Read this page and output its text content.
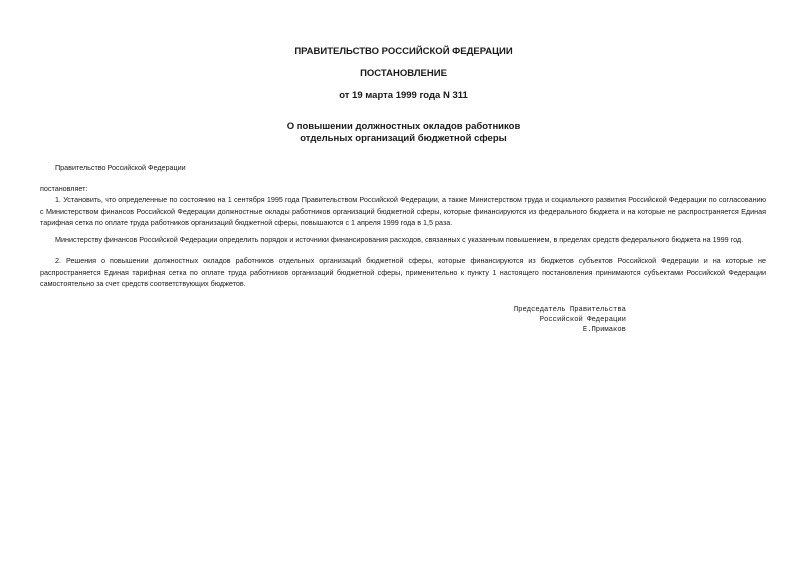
ПРАВИТЕЛЬСТВО РОССИЙСКОЙ ФЕДЕРАЦИИ
ПОСТАНОВЛЕНИЕ
от 19 марта 1999 года N 311
О повышении должностных окладов работников
отдельных организаций бюджетной сферы
Правительство Российской Федерации
постановляет:
1. Установить, что определенные по состоянию на 1 сентября 1995 года Правительством Российской Федерации, а также Министерством труда и социального развития Российской Федерации по согласованию с Министерством финансов Российской Федерации должностные оклады работников организаций бюджетной сферы, которые финансируются из федерального бюджета и на которые не распространяется Единая тарифная сетка по оплате труда работников организаций бюджетной сферы, повышаются с 1 апреля 1999 года в 1,5 раза.
Министерству финансов Российской Федерации определить порядок и источники финансирования расходов, связанных с указанным повышением, в пределах средств федерального бюджета на 1999 год.
2. Решения о повышении должностных окладов работников отдельных организаций бюджетной сферы, которые финансируются из бюджетов субъектов Российской Федерации и на которые не распространяется Единая тарифная сетка по оплате труда работников организаций бюджетной сферы, применительно к пункту 1 настоящего постановления принимаются субъектами Российской Федерации самостоятельно за счет средств соответствующих бюджетов.
Председатель Правительства
Российской Федерации
Е.Примаков
